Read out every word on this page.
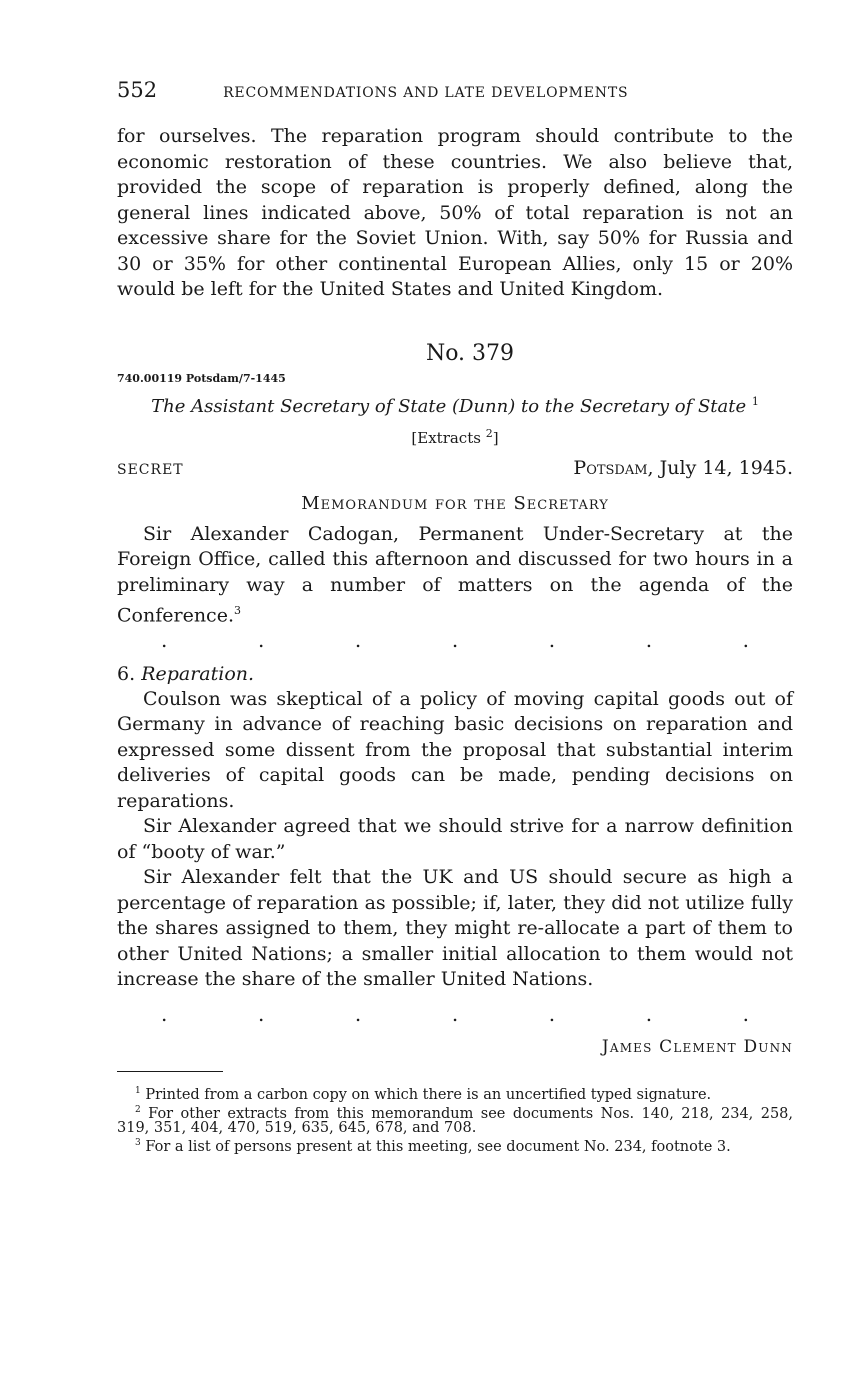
552	RECOMMENDATIONS AND LATE DEVELOPMENTS

for ourselves. The reparation program should contribute to the economic restoration of these countries. We also believe that, provided the scope of reparation is properly defined, along the general lines indicated above, 50% of total reparation is not an excessive share for the Soviet Union. With, say 50% for Russia and 30 or 35% for other continental European Allies, only 15 or 20% would be left for the United States and United Kingdom.

No. 379
740.00119 Potsdam/7-1445
The Assistant Secretary of State (Dunn) to the Secretary of State $^1$
[Extracts $^2$]
SECRET	Potsdam, July 14, 1945.
Memorandum for the Secretary

Sir Alexander Cadogan, Permanent Under-Secretary at the Foreign Office, called this afternoon and discussed for two hours in a preliminary way a number of matters on the agenda of the Conference.$^3$

.	.	.	.	.	.	.
6. Reparation.

Coulson was skeptical of a policy of moving capital goods out of Germany in advance of reaching basic decisions on reparation and expressed some dissent from the proposal that substantial interim deliveries of capital goods can be made, pending decisions on reparations.

Sir Alexander agreed that we should strive for a narrow definition of “booty of war.”

Sir Alexander felt that the UK and US should secure as high a percentage of reparation as possible; if, later, they did not utilize fully the shares assigned to them, they might re-allocate a part of them to other United Nations; a smaller initial allocation to them would not increase the share of the smaller United Nations.

.	.	.	.	.	.	.
James Clement Dunn

$^1$ Printed from a carbon copy on which there is an uncertified typed signature.

$^2$ For other extracts from this memorandum see documents Nos. 140, 218, 234, 258, 319, 351, 404, 470, 519, 635, 645, 678, and 708.

$^3$ For a list of persons present at this meeting, see document No. 234, footnote 3.
